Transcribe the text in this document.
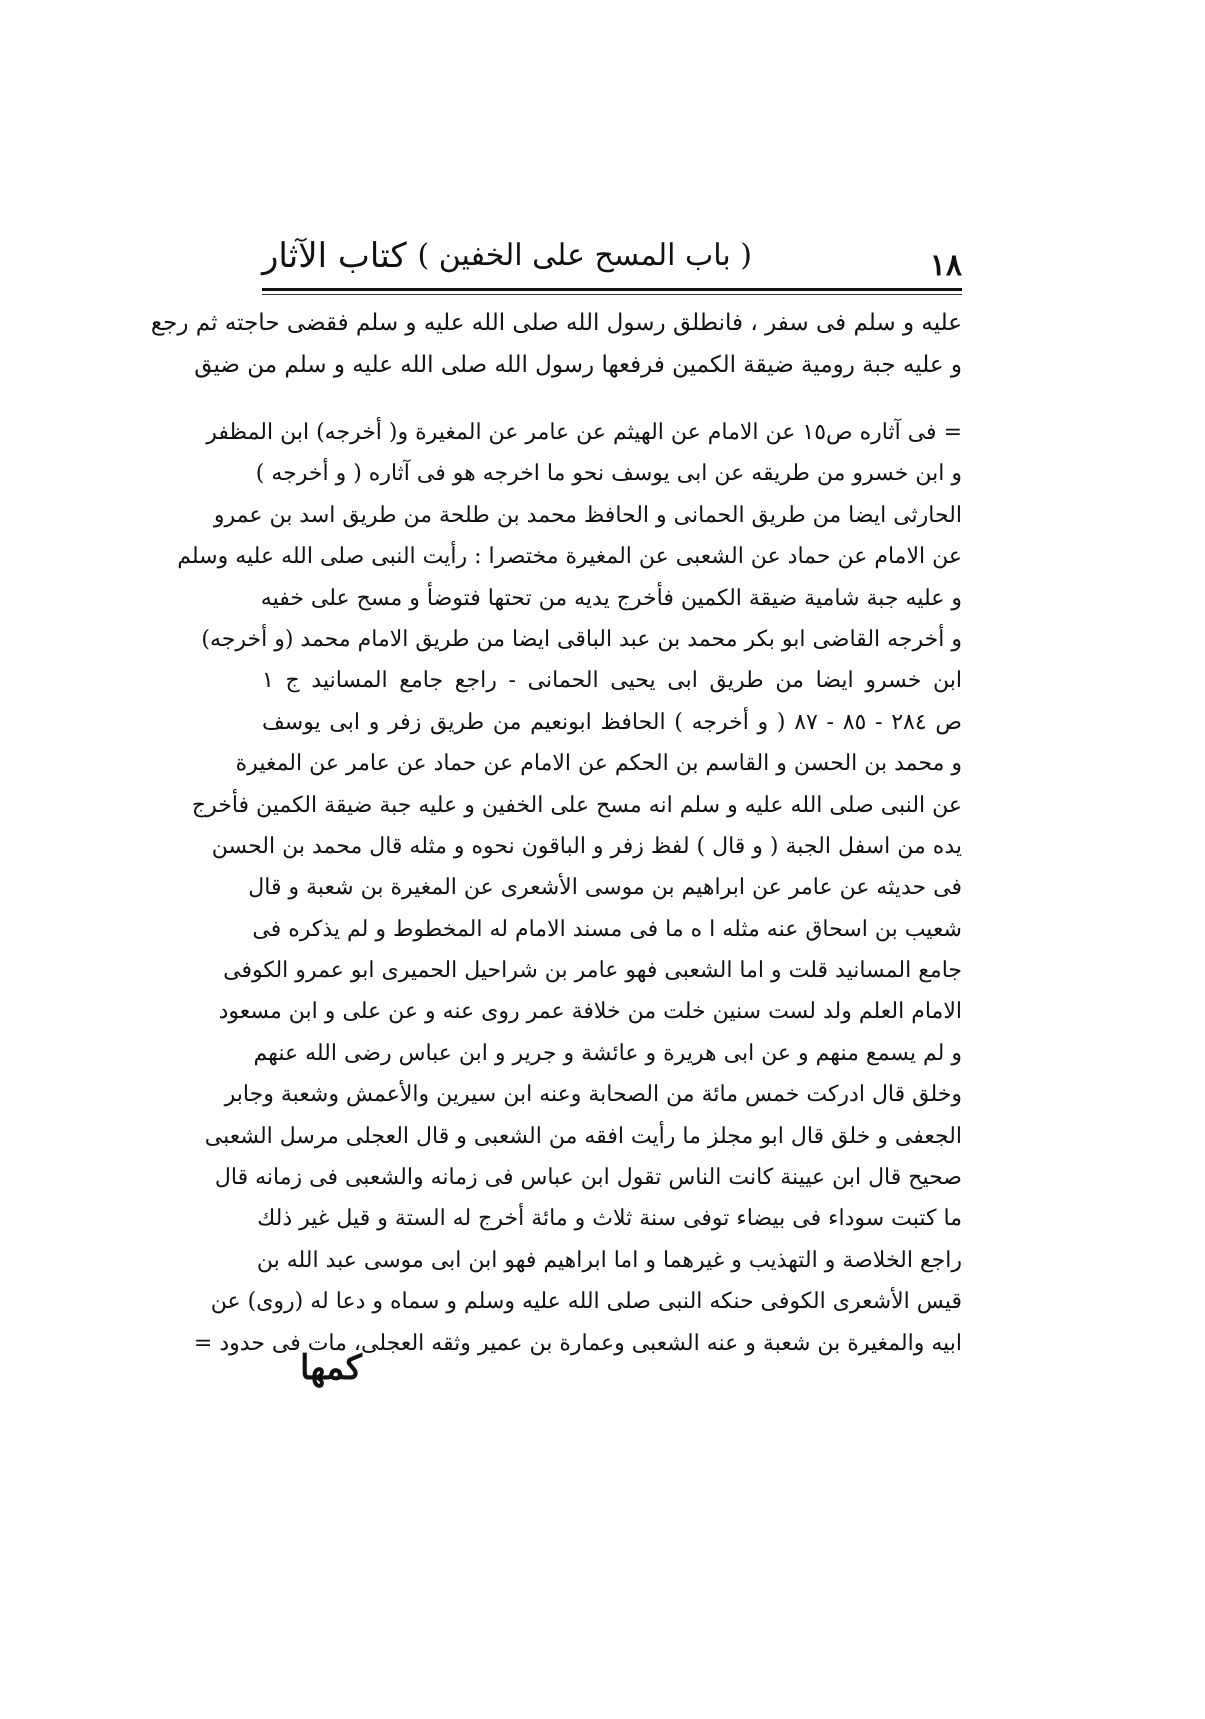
١٨
( باب المسح على الخفين )
كتاب الآثار
عليه و سلم فى سفر ، فانطلق رسول الله صلى الله عليه و سلم فقضى حاجته ثم رجع
و عليه جبة رومية ضيقة الكمين فرفعها رسول الله صلى الله عليه و سلم من ضيق
= فى آثاره ص١٥ عن الامام عن الهيثم عن عامر عن المغيرة و( أخرجه) ابن المظفر
و ابن خسرو من طريقه عن ابى يوسف نحو ما اخرجه هو فى آثاره ( و أخرجه )
الحارثى ايضا من طريق الحمانى و الحافظ محمد بن طلحة من طريق اسد بن عمرو
عن الامام عن حماد عن الشعبى عن المغيرة مختصرا : رأيت النبى صلى الله عليه وسلم
و عليه جبة شامية ضيقة الكمين فأخرج يديه من تحتها فتوضأ و مسح على خفيه
و أخرجه القاضى ابو بكر محمد بن عبد الباقى ايضا من طريق الامام محمد (و أخرجه)
ابن خسرو ايضا من طريق ابى يحيى الحمانى - راجع جامع المسانيد ج ١
ص ٢٨٤ - ٨٥ - ٨٧ ( و أخرجه ) الحافظ ابونعيم من طريق زفر و ابى يوسف
و محمد بن الحسن و القاسم بن الحكم عن الامام عن حماد عن عامر عن المغيرة
عن النبى صلى الله عليه و سلم انه مسح على الخفين و عليه جبة ضيقة الكمين فأخرج
يده من اسفل الجبة ( و قال ) لفظ زفر و الباقون نحوه و مثله قال محمد بن الحسن
فى حديثه عن عامر عن ابراهيم بن موسى الأشعرى عن المغيرة بن شعبة و قال
شعيب بن اسحاق عنه مثله ا ه ما فى مسند الامام له المخطوط و لم يذكره فى
جامع المسانيد قلت و اما الشعبى فهو عامر بن شراحيل الحميرى ابو عمرو الكوفى
الامام العلم ولد لست سنين خلت من خلافة عمر روى عنه و عن على و ابن مسعود
و لم يسمع منهم و عن ابى هريرة و عائشة و جرير و ابن عباس رضى الله عنهم
وخلق قال ادركت خمس مائة من الصحابة وعنه ابن سيرين والأعمش وشعبة وجابر
الجعفى و خلق قال ابو مجلز ما رأيت افقه من الشعبى و قال العجلى مرسل الشعبى
صحيح قال ابن عيينة كانت الناس تقول ابن عباس فى زمانه والشعبى فى زمانه قال
ما كتبت سوداء فى بيضاء توفى سنة ثلاث و مائة أخرج له الستة و قيل غير ذلك
راجع الخلاصة و التهذيب و غيرهما و اما ابراهيم فهو ابن ابى موسى عبد الله بن
قيس الأشعرى الكوفى حنكه النبى صلى الله عليه وسلم و سماه و دعا له (روى) عن
ابيه والمغيرة بن شعبة و عنه الشعبى وعمارة بن عمير وثقه العجلى، مات فى حدود =
كمها
